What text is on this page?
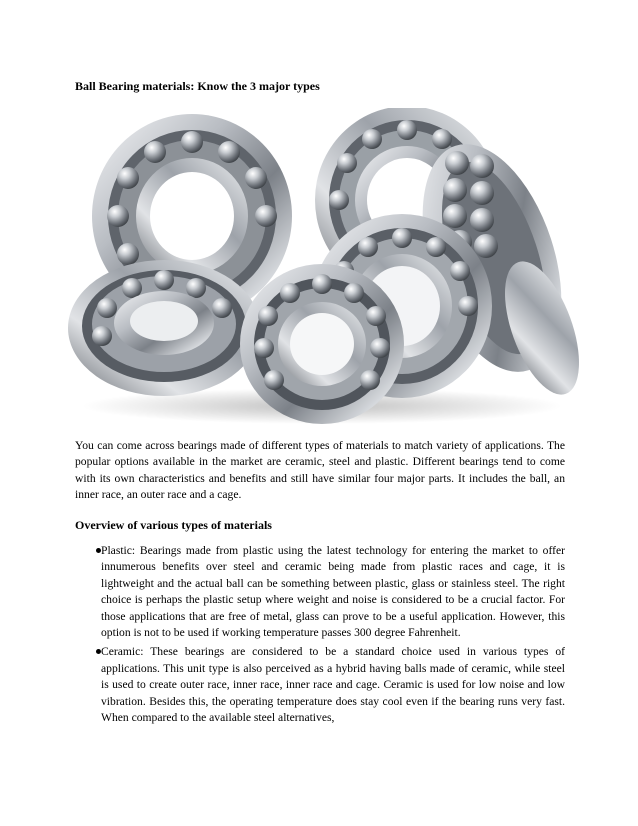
Ball Bearing materials: Know the 3 major types

You can come across bearings made of different types of materials to match variety of applications. The popular options available in the market are ceramic, steel and plastic. Different bearings tend to come with its own characteristics and benefits and still have similar four major parts. It includes the ball, an inner race, an outer race and a cage.

Overview of various types of materials
Plastic: Bearings made from plastic using the latest technology for entering the market to offer innumerous benefits over steel and ceramic being made from plastic races and cage, it is lightweight and the actual ball can be something between plastic, glass or stainless steel. The right choice is perhaps the plastic setup where weight and noise is considered to be a crucial factor. For those applications that are free of metal, glass can prove to be a useful application. However, this option is not to be used if working temperature passes 300 degree Fahrenheit.
Ceramic: These bearings are considered to be a standard choice used in various types of applications. This unit type is also perceived as a hybrid having balls made of ceramic, while steel is used to create outer race, inner race, inner race and cage. Ceramic is used for low noise and low vibration. Besides this, the operating temperature does stay cool even if the bearing runs very fast. When compared to the available steel alternatives,
